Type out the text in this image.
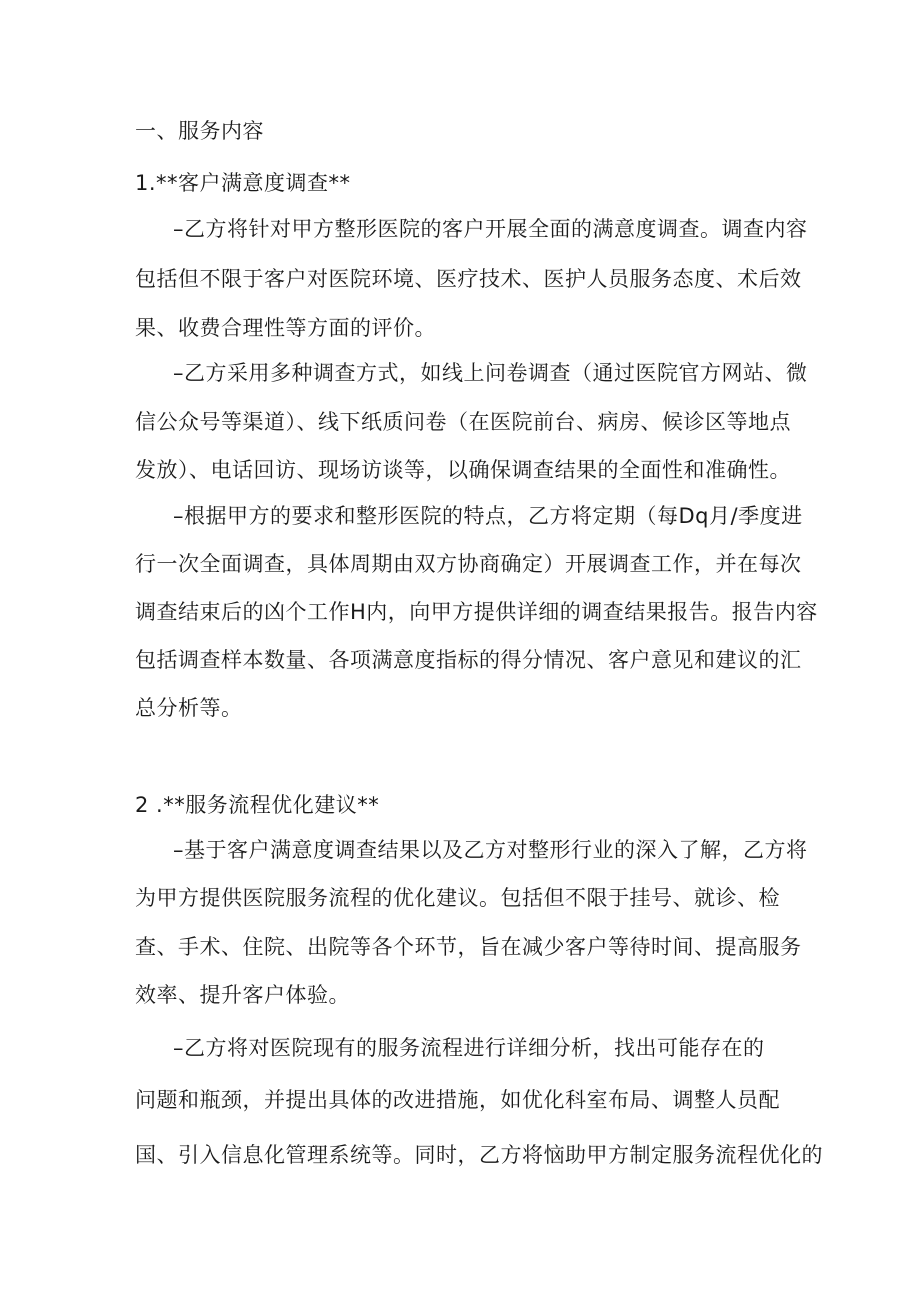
一、服务内容
1.**客户满意度调查**
–乙方将针对甲方整形医院的客户开展全面的满意度调查。调查内容
包括但不限于客户对医院环境、医疗技术、医护人员服务态度、术后效
果、收费合理性等方面的评价。
–乙方采用多种调查方式，如线上问卷调查（通过医院官方网站、微
信公众号等渠道）、线下纸质问卷（在医院前台、病房、候诊区等地点
发放）、电话回访、现场访谈等，以确保调查结果的全面性和准确性。
–根据甲方的要求和整形医院的特点，乙方将定期（每Dq月/季度进
行一次全面调查，具体周期由双方协商确定）开展调查工作，并在每次
调查结束后的凶个工作H内，向甲方提供详细的调查结果报告。报告内容
包括调查样本数量、各项满意度指标的得分情况、客户意见和建议的汇
总分析等。
2 .**服务流程优化建议**
–基于客户满意度调查结果以及乙方对整形行业的深入了解，乙方将
为甲方提供医院服务流程的优化建议。包括但不限于挂号、就诊、检
查、手术、住院、出院等各个环节，旨在减少客户等待时间、提高服务
效率、提升客户体验。
–乙方将对医院现有的服务流程进行详细分析，找出可能存在的
问题和瓶颈，并提出具体的改进措施，如优化科室布局、调整人员配
国、引入信息化管理系统等。同时，乙方将恼助甲方制定服务流程优化的
